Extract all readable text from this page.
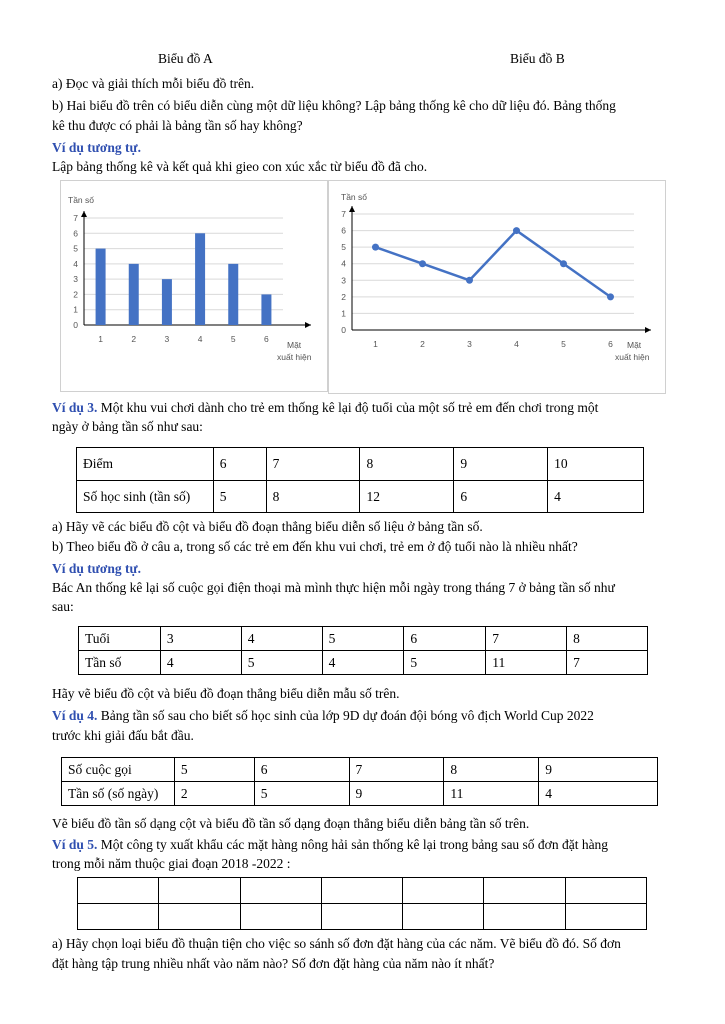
Biểu đồ A	Biểu đồ B
a) Đọc và giải thích mỗi biểu đồ trên.
b) Hai biểu đồ trên có biểu diễn cùng một dữ liệu không? Lập bảng thống kê cho dữ liệu đó. Bảng thống
kê thu được có phải là bảng tần số hay không?
Ví dụ tương tự.
Lập bảng thống kê và kết quả khi gieo con xúc xắc từ biểu đồ đã cho.
0
1
2
3
4
5
6
7
Tần số
Mặt
xuất hiện
1	2	3	4	5	6
0
1
2
3
4
5
6
7
Tần số
Mặt
xuất hiện
1	2	3	4	5	6
Ví dụ 3. Một khu vui chơi dành cho trẻ em thống kê lại độ tuổi của một số trẻ em đến chơi trong một
ngày ở bảng tần số như sau:
Điểm	6	7	8	9	10
Số học sinh (tần số)	5	8	12	6	4
a) Hãy vẽ các biểu đồ cột và biểu đồ đoạn thẳng biểu diễn số liệu ở bảng tần số.
b) Theo biểu đồ ở câu a, trong số các trẻ em đến khu vui chơi, trẻ em ở độ tuổi nào là nhiều nhất?
Ví dụ tương tự.
Bác An thống kê lại số cuộc gọi điện thoại mà mình thực hiện mỗi ngày trong tháng 7 ở bảng tần số như
sau:
Tuổi	3	4	5	6	7	8
Tần số	4	5	4	5	11	7
Hãy vẽ biểu đồ cột và biểu đồ đoạn thẳng biểu diễn mẫu số trên.
Ví dụ 4. Bảng tần số sau cho biết số học sinh của lớp 9D dự đoán đội bóng vô địch World Cup 2022
trước khi giải đấu bắt đầu.
Số cuộc gọi	5	6	7	8	9
Tần số (số ngày)	2	5	9	11	4
Vẽ biểu đồ tần số dạng cột và biểu đồ tần số dạng đoạn thẳng biểu diễn bảng tần số trên.
Ví dụ 5. Một công ty xuất khẩu các mặt hàng nông hải sản thống kê lại trong bảng sau số đơn đặt hàng
trong mỗi năm thuộc giai đoạn 2018 -2022 :

a) Hãy chọn loại biểu đồ thuận tiện cho việc so sánh số đơn đặt hàng của các năm. Vẽ biểu đồ đó. Số đơn
đặt hàng tập trung nhiều nhất vào năm nào? Số đơn đặt hàng của năm nào ít nhất?
